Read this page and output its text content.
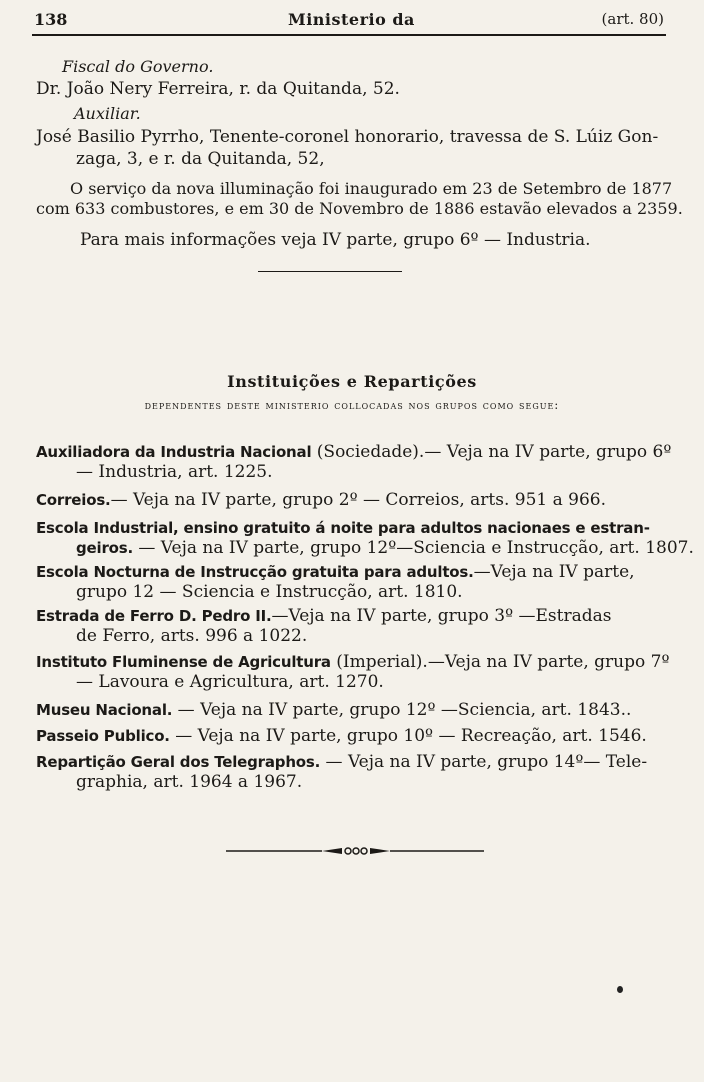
138	Ministerio da	(art. 80)
Fiscal do Governo.
Dr. João Nery Ferreira, r. da Quitanda, 52.
Auxiliar.
José Basilio Pyrrho, Tenente-coronel honorario, travessa de S. Lúiz Gon-
zaga, 3, e r. da Quitanda, 52,
O serviço da nova illuminação foi inaugurado em 23 de Setembro de 1877
com 633 combustores, e em 30 de Novembro de 1886 estavão elevados a 2359.
Para mais informações veja IV parte, grupo 6º — Industria.
Instituições e Repartições
dependentes deste ministerio collocadas nos grupos como segue:
Auxiliadora da Industria Nacional (Sociedade).— Veja na IV parte, grupo 6º
— Industria, art. 1225.
Correios.— Veja na IV parte, grupo 2º — Correios, arts. 951 a 966.
Escola Industrial, ensino gratuito á noite para adultos nacionaes e estran-
geiros. — Veja na IV parte, grupo 12º—Sciencia e Instrucção, art. 1807.
Escola Nocturna de Instrucção gratuita para adultos.—Veja na IV parte,
grupo 12 — Sciencia e Instrucção, art. 1810.
Estrada de Ferro D. Pedro II.—Veja na IV parte, grupo 3º —Estradas
de Ferro, arts. 996 a 1022.
Instituto Fluminense de Agricultura (Imperial).—Veja na IV parte, grupo 7º
— Lavoura e Agricultura, art. 1270.
Museu Nacional. — Veja na IV parte, grupo 12º —Sciencia, art. 1843..
Passeio Publico. — Veja na IV parte, grupo 10º — Recreação, art. 1546.
Repartição Geral dos Telegraphos. — Veja na IV parte, grupo 14º— Tele-
graphia, art. 1964 a 1967.
